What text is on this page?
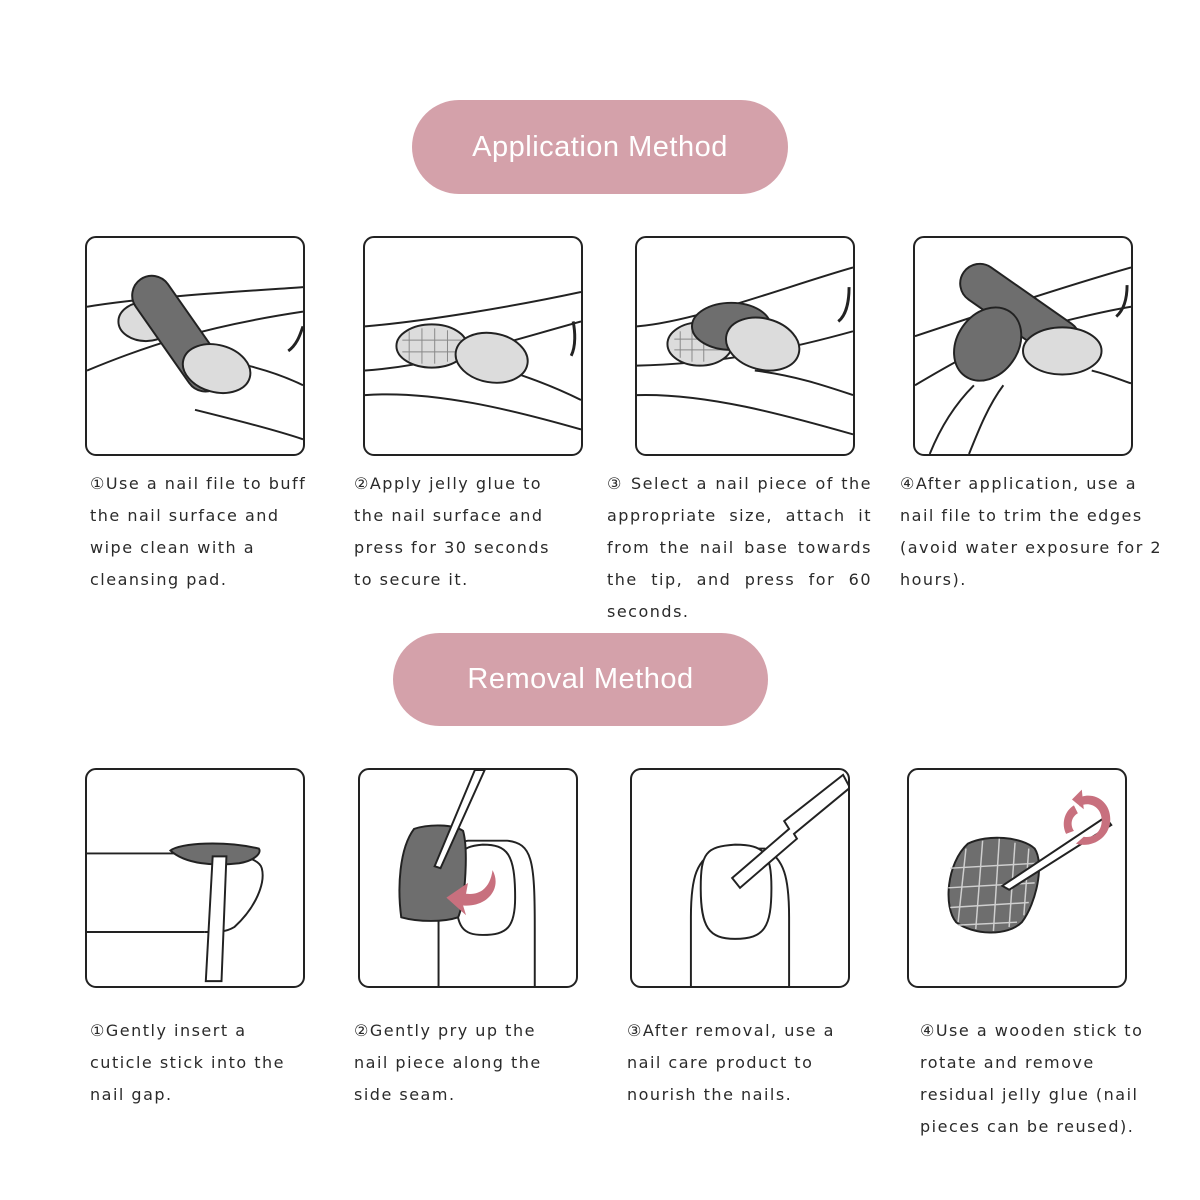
Application Method

①Use a nail file to buff the nail surface and wipe clean with a cleansing pad.

②Apply jelly glue to the nail surface and press for 30 seconds to secure it.

③ Select a nail piece of the appropriate size, attach it from the nail base towards the tip, and press for 60 seconds.

④After application, use a nail file to trim the edges (avoid water exposure for 2 hours).

Removal Method

①Gently insert a cuticle stick into the nail gap.

②Gently pry up the nail piece along the side seam.

③After removal, use a nail care product to nourish the nails.

④Use a wooden stick to rotate and remove residual jelly glue (nail pieces can be reused).
